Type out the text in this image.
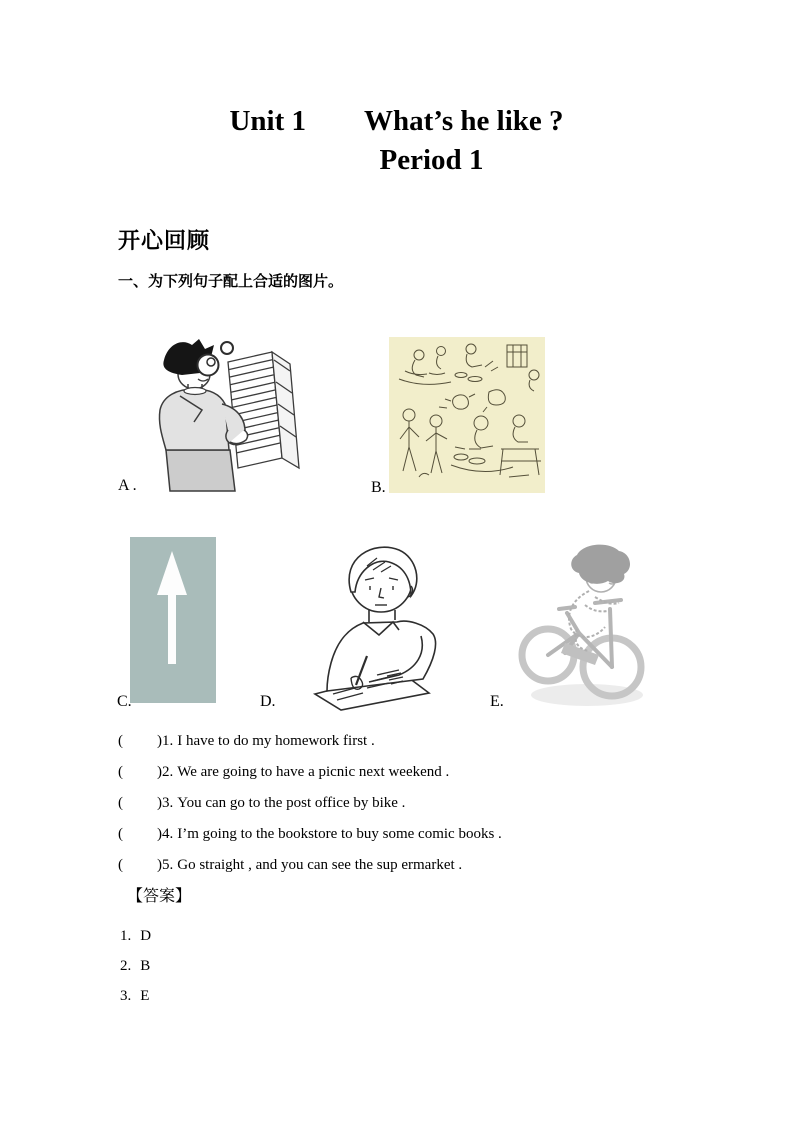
Unit 1 What’s he like ?
Period 1
开心回顾
一、为下列句子配上合适的图片。
A .	B.
C.	D.	E.
( )1. I have to do my homework first .
( )2. We are going to have a picnic next weekend .
( )3. You can go to the post office by bike .
( )4. I’m going to the bookstore to buy some comic books .
( )5. Go straight , and you can see the sup ermarket .
【答案】
1. D
2. B
3. E
